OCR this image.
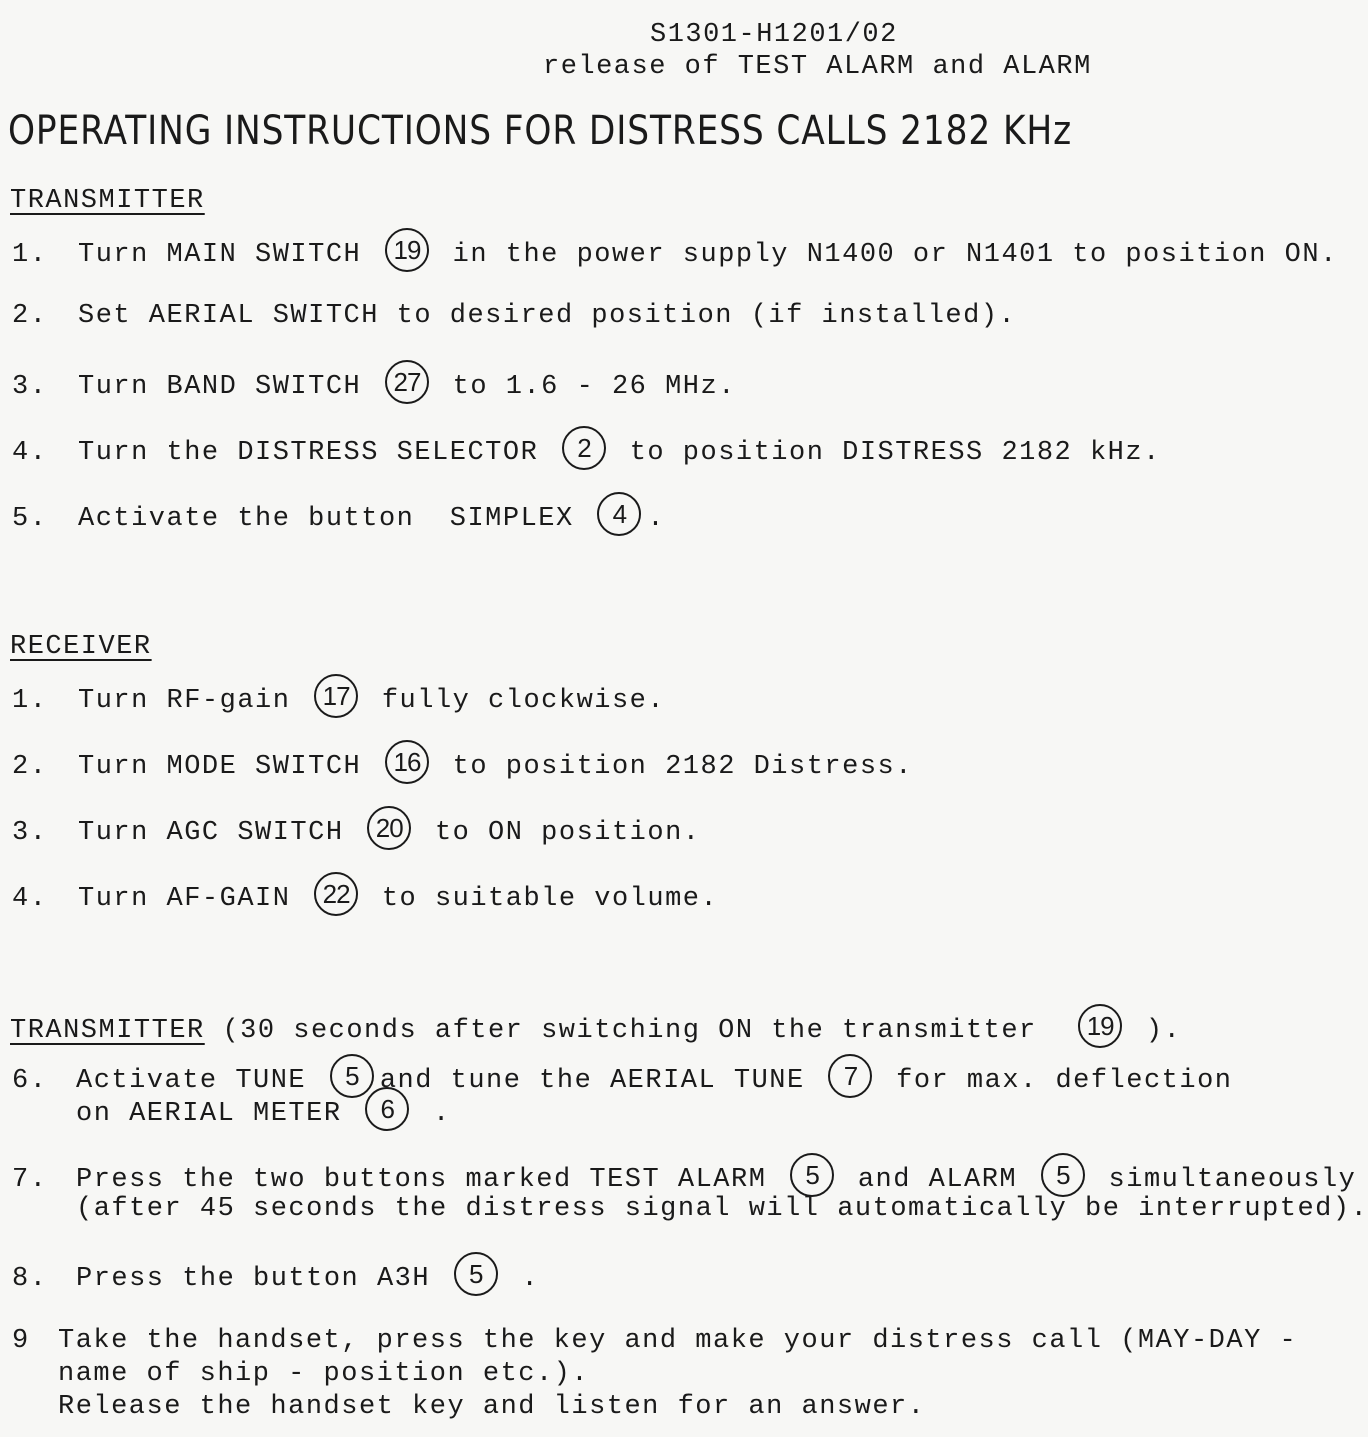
S1301-H1201/02
release of TEST ALARM and ALARM
OPERATING INSTRUCTIONS FOR DISTRESS CALLS 2182 KHz
TRANSMITTER
1. Turn MAIN SWITCH 19 in the power supply N1400 or N1401 to position ON.
2. Set AERIAL SWITCH to desired position (if installed).
3. Turn BAND SWITCH 27 to 1.6 - 26 MHz.
4. Turn the DISTRESS SELECTOR 2 to position DISTRESS 2182 kHz.
5. Activate the button  SIMPLEX 4 .
RECEIVER
1. Turn RF-gain 17 fully clockwise.
2. Turn MODE SWITCH 16 to position 2182 Distress.
3. Turn AGC SWITCH 20 to ON position.
4. Turn AF-GAIN 22 to suitable volume.
TRANSMITTER (30 seconds after switching ON the transmitter 19 ).
6. Activate TUNE 5 and tune the AERIAL TUNE 7 for max. deflection
on AERIAL METER 6 .
7. Press the two buttons marked TEST ALARM 5 and ALARM 5 simultaneously
(after 45 seconds the distress signal will automatically be interrupted).
8. Press the button A3H 5 .
9 Take the handset, press the key and make your distress call (MAY-DAY -
name of ship - position etc.).
Release the handset key and listen for an answer.
